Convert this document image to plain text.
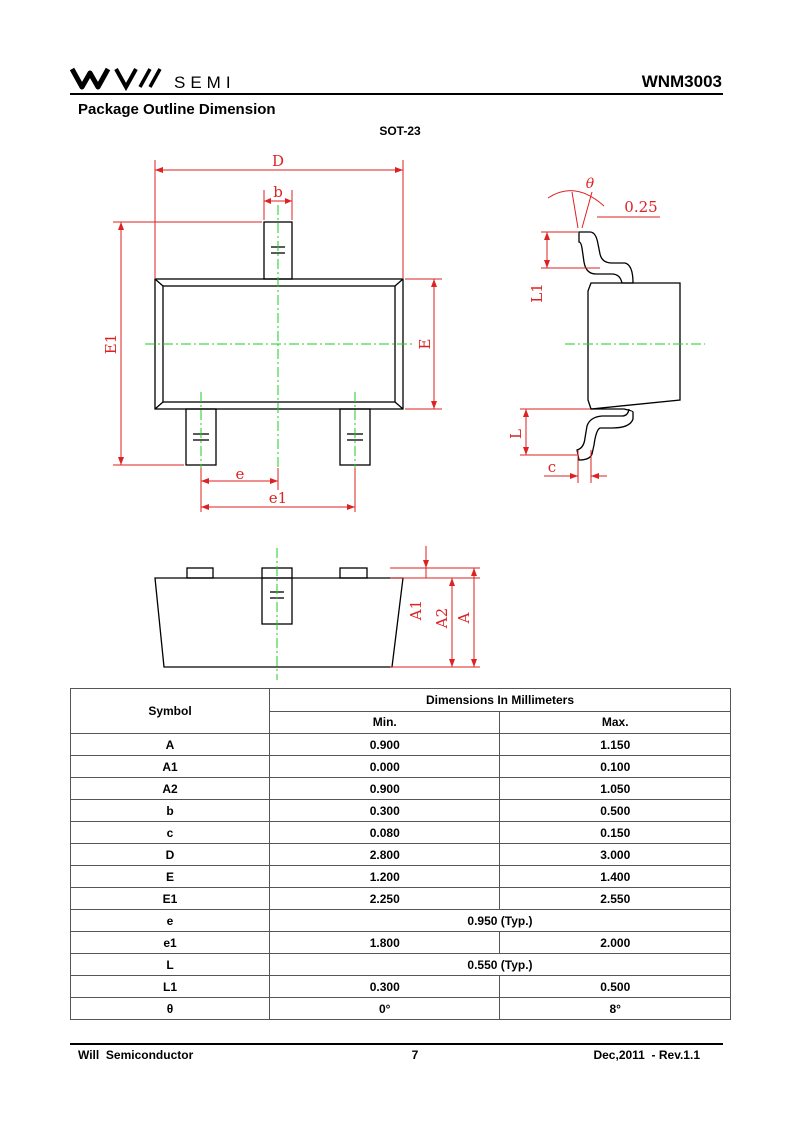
SEMI	WNM3003
Package Outline Dimension
SOT-23
D
b
E1	E
e
e1
θ
0.25
L1
L
c
A1 A2 A
Symbol	Dimensions In Millimeters	
	Min.	Max.
A	0.900	1.150
A1	0.000	0.100
A2	0.900	1.050
b	0.300	0.500
c	0.080	0.150
D	2.800	3.000
E	1.200	1.400
E1	2.250	2.550
e	0.950 (Typ.)	
e1	1.800	2.000
L	0.550 (Typ.)	
L1	0.300	0.500
θ	0°	8°
Will  Semiconductor	7	Dec,2011  - Rev.1.1
